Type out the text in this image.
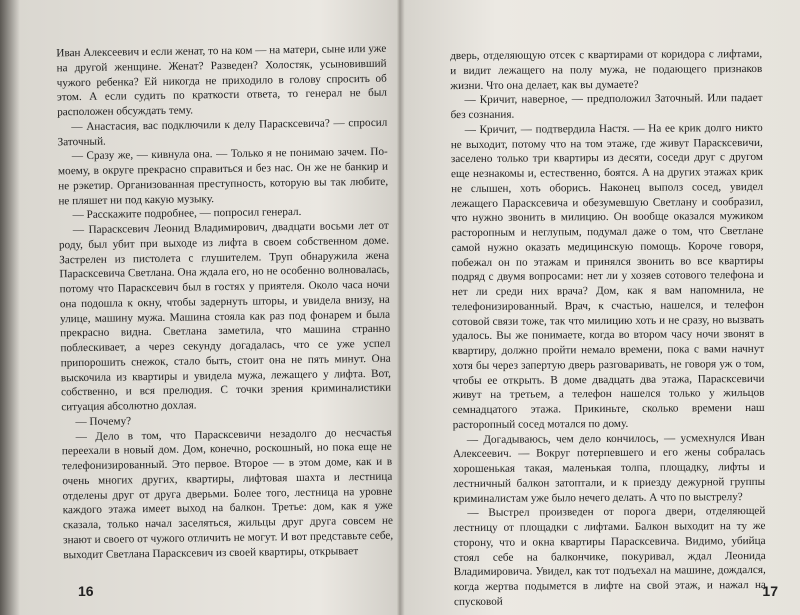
Иван Алексеевич и если женат, то на ком — на матери, сыне или уже на другой женщине. Женат? Разведен? Холостяк, усыновивший чужого ребенка? Ей никогда не приходило в голову спросить об этом. А если судить по краткости ответа, то генерал не был расположен обсуждать тему.

— Анастасия, вас подключили к делу Парасксевича? — спросил Заточный.

— Сразу же, — кивнула она. — Только я не понимаю зачем. По-моему, в округе прекрасно справиться и без нас. Он же не банкир и не рэкетир. Организованная преступность, которую вы так любите, не пляшет ни под какую музыку.

— Расскажите подробнее, — попросил генерал.

— Парасксевич Леонид Владимирович, двадцати восьми лет от роду, был убит при выходе из лифта в своем собственном доме. Застрелен из пистолета с глушителем. Труп обнаружила жена Парасксевича Светлана. Она ждала его, но не особенно волновалась, потому что Парасксевич был в гостях у приятеля. Около часа ночи она подошла к окну, чтобы задернуть шторы, и увидела внизу, на улице, машину мужа. Машина стояла как раз под фонарем и была прекрасно видна. Светлана заметила, что машина странно поблескивает, а через секунду догадалась, что се уже успел припорошить снежок, стало быть, стоит она не пять минут. Она выскочила из квартиры и увидела мужа, лежащего у лифта. Вот, собственно, и вся прелюдия. С точки зрения криминалистики ситуация абсолютно дохлая.

— Почему?

— Дело в том, что Парасксевичи незадолго до несчастья переехали в новый дом. Дом, конечно, роскошный, но пока еще не телефонизированный. Это первое. Второе — в этом доме, как и в очень многих других, квартиры, лифтовая шахта и лестница отделены друг от друга дверьми. Более того, лестница на уровне каждого этажа имеет выход на балкон. Третье: дом, как я уже сказала, только начал заселяться, жильцы друг друга совсем не знают и своего от чужого отличить не могут. И вот представьте себе, выходит Светлана Парасксевич из своей квартиры, открывает

16

дверь, отделяющую отсек с квартирами от коридора с лифтами, и видит лежащего на полу мужа, не подающего признаков жизни. Что она делает, как вы думаете?

— Кричит, наверное, — предположил Заточный. Или падает без сознания.

— Кричит, — подтвердила Настя. — На ее крик долго никто не выходит, потому что на том этаже, где живут Парасксевичи, заселено только три квартиры из десяти, соседи друг с другом еще незнакомы и, естественно, боятся. А на других этажах крик не слышен, хоть оборись. Наконец выполз сосед, увидел лежащего Парасксевича и обезумевшую Светлану и сообразил, что нужно звонить в милицию. Он вообще оказался мужиком расторопным и неглупым, подумал даже о том, что Светлане самой нужно оказать медицинскую помощь. Короче говоря, побежал он по этажам и принялся звонить во все квартиры подряд с двумя вопросами: нет ли у хозяев сотового телефона и нет ли среди них врача? Дом, как я вам напомнила, не телефонизированный. Врач, к счастью, нашелся, и телефон сотовой связи тоже, так что милицию хоть и не сразу, но вызвать удалось. Вы же понимаете, когда во втором часу ночи звонят в квартиру, должно пройти немало времени, пока с вами начнут хотя бы через запертую дверь разговаривать, не говоря уж о том, чтобы ее открыть. В доме двадцать два этажа, Парасксевичи живут на третьем, а телефон нашелся только у жильцов семнадцатого этажа. Прикиньте, сколько времени наш расторопный сосед мотался по дому.

— Догадываюсь, чем дело кончилось, — усмехнулся Иван Алексеевич. — Вокруг потерпевшего и его жены собралась хорошенькая такая, маленькая толпа, площадку, лифты и лестничный балкон затоптали, и к приезду дежурной группы криминалистам уже было нечего делать. А что по выстрелу?

— Выстрел произведен от порога двери, отделяющей лестницу от площадки с лифтами. Балкон выходит на ту же сторону, что и окна квартиры Парасксевича. Видимо, убийца стоял себе на балкончике, покуривал, ждал Леонида Владимировича. Увидел, как тот подъехал на машине, дождался, когда жертва подымется в лифте на свой этаж, и нажал на спусковой

17
